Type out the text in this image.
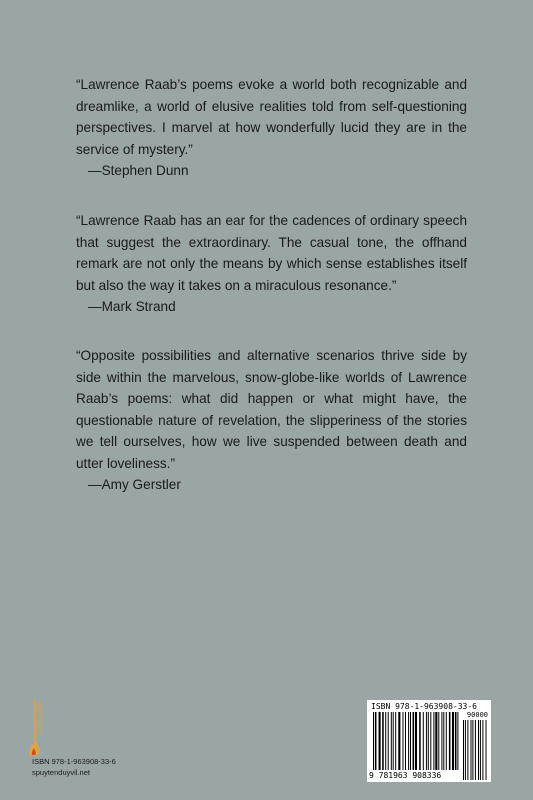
“Lawrence Raab’s poems evoke a world both recognizable and dreamlike, a world of elusive realities told from self-questioning perspectives. I marvel at how wonderfully lucid they are in the service of mystery.”

—Stephen Dunn

“Lawrence Raab has an ear for the cadences of ordinary speech that suggest the extraordinary. The casual tone, the offhand remark are not only the means by which sense establishes itself but also the way it takes on a miraculous resonance.”

—Mark Strand

“Opposite possibilities and alternative scenarios thrive side by side within the marvelous, snow-globe-like worlds of Lawrence Raab’s poems: what did happen or what might have, the questionable nature of revelation, the slipperiness of the stories we tell ourselves, how we live suspended between death and utter loveliness.”

—Amy Gerstler

spuyten duyvil
ISBN 978-1-963908-33-6
spuytenduyvil.net
ISBN 978-1-963908-33-6
90000
9 781963 908336
